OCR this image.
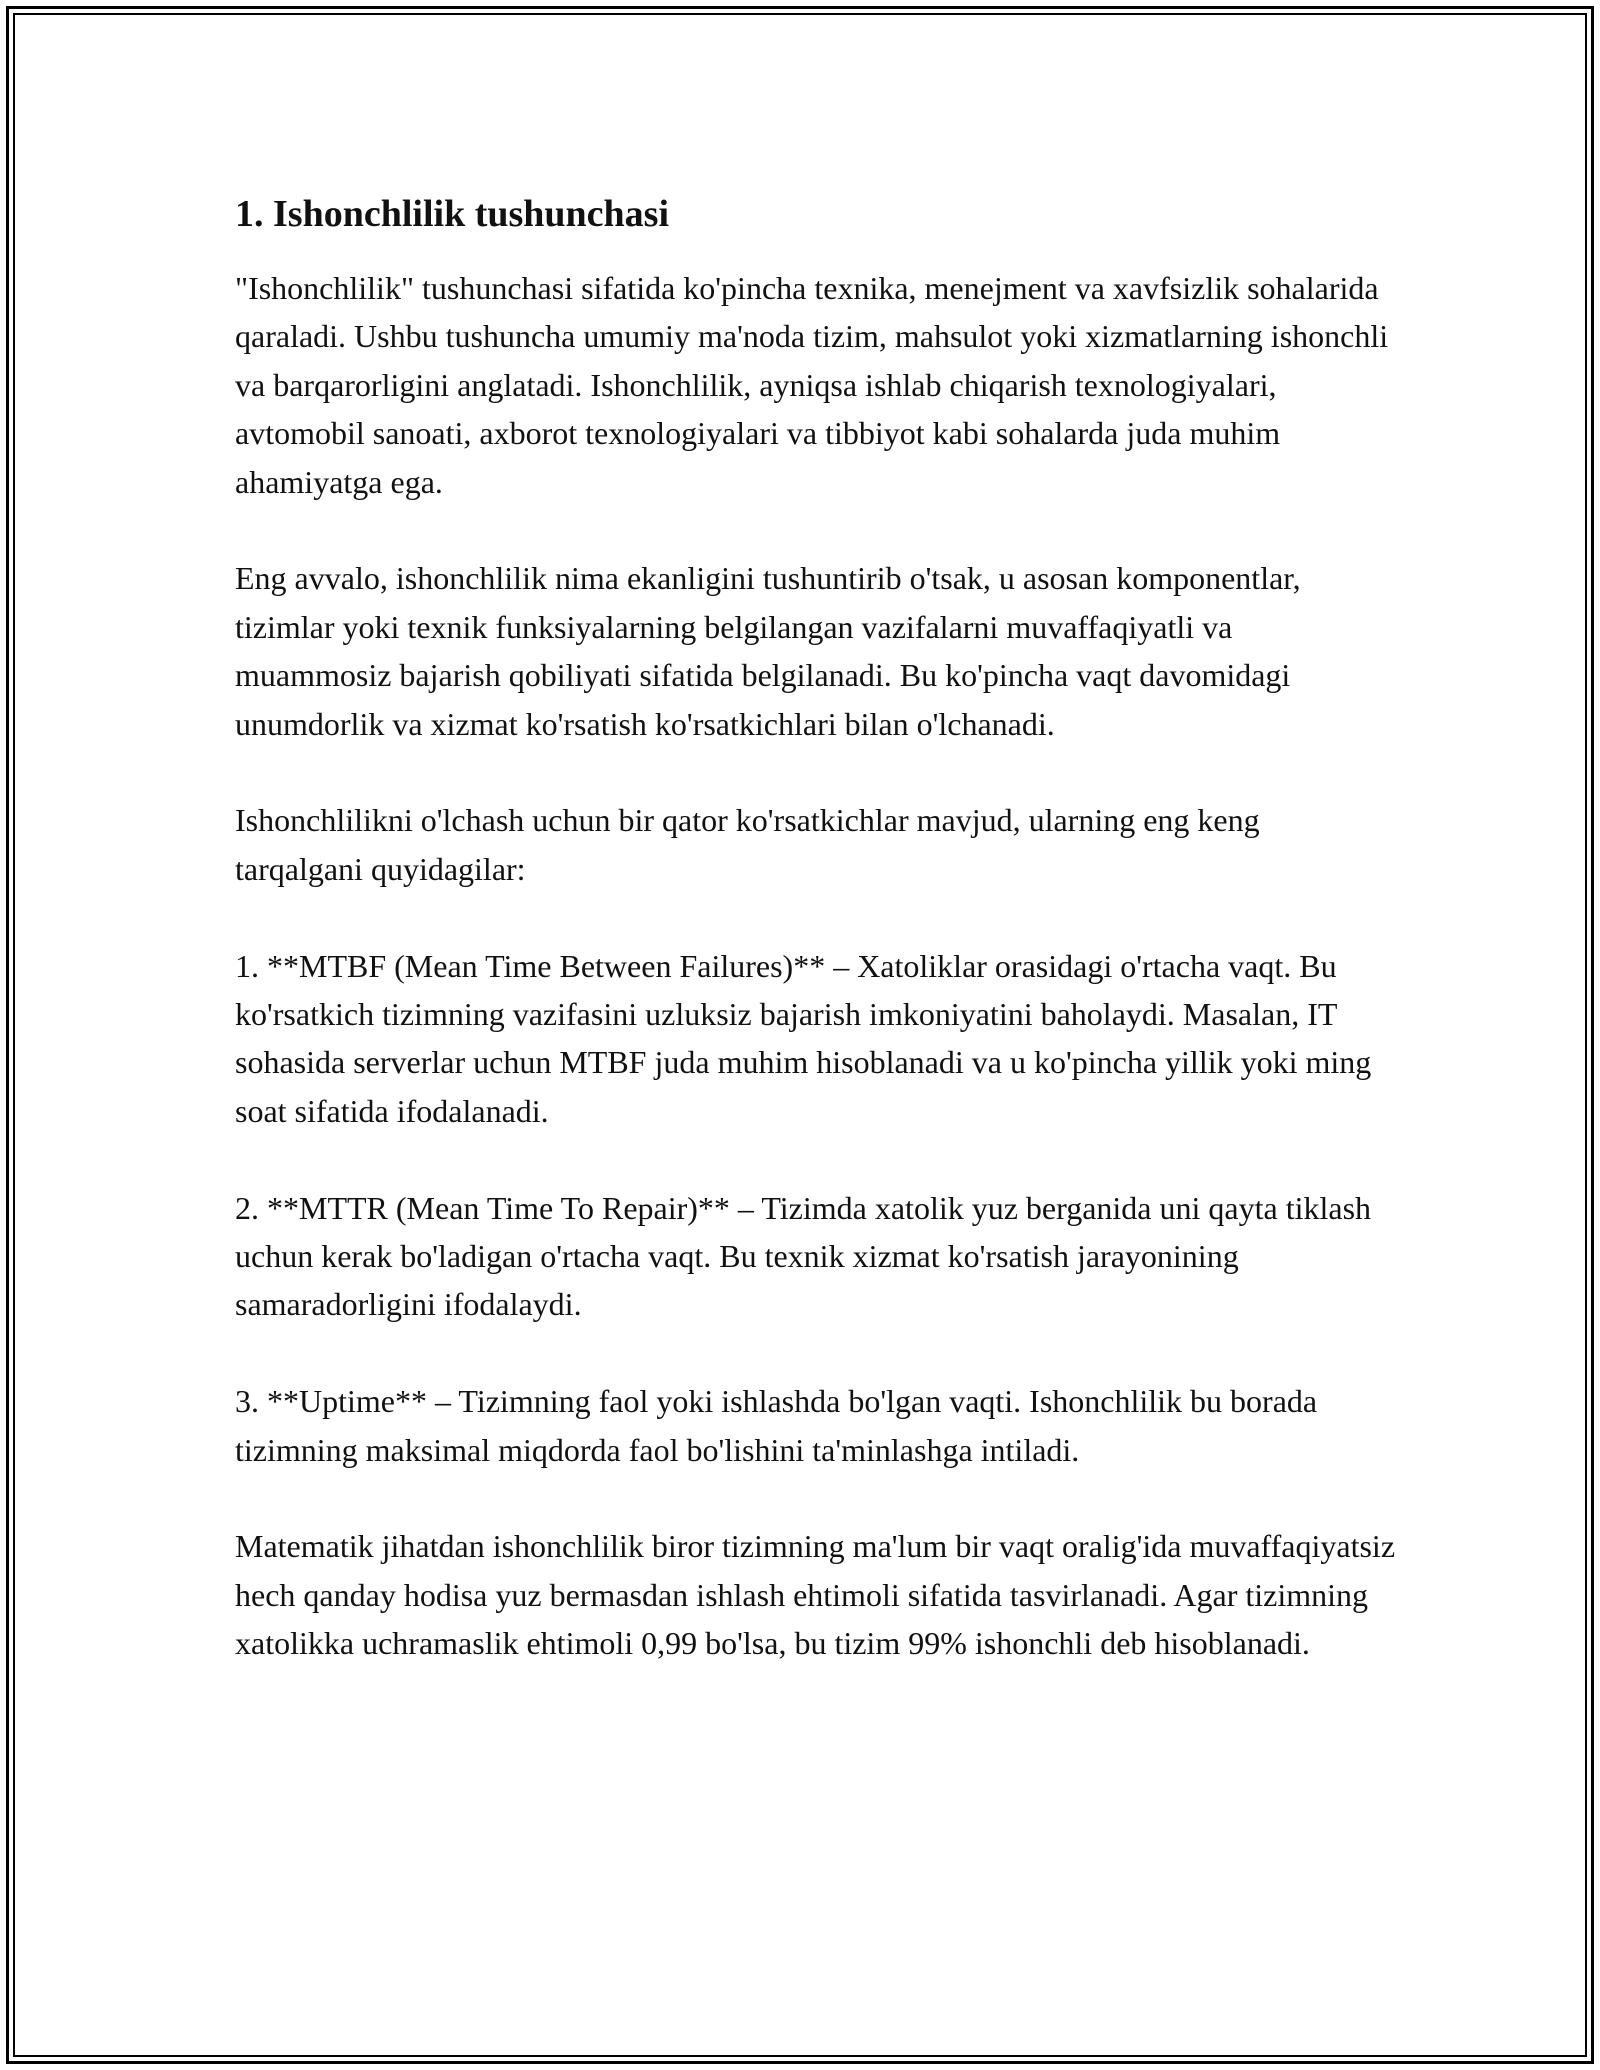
1. Ishonchlilik tushunchasi

"Ishonchlilik" tushunchasi sifatida ko'pincha texnika, menejment va xavfsizlik sohalarida qaraladi. Ushbu tushuncha umumiy ma'noda tizim, mahsulot yoki xizmatlarning ishonchli va barqarorligini anglatadi. Ishonchlilik, ayniqsa ishlab chiqarish texnologiyalari, avtomobil sanoati, axborot texnologiyalari va tibbiyot kabi sohalarda juda muhim ahamiyatga ega.

Eng avvalo, ishonchlilik nima ekanligini tushuntirib o'tsak, u asosan komponentlar, tizimlar yoki texnik funksiyalarning belgilangan vazifalarni muvaffaqiyatli va muammosiz bajarish qobiliyati sifatida belgilanadi. Bu ko'pincha vaqt davomidagi unumdorlik va xizmat ko'rsatish ko'rsatkichlari bilan o'lchanadi.

Ishonchlilikni o'lchash uchun bir qator ko'rsatkichlar mavjud, ularning eng keng tarqalgani quyidagilar:

1. **MTBF (Mean Time Between Failures)** – Xatoliklar orasidagi o'rtacha vaqt. Bu ko'rsatkich tizimning vazifasini uzluksiz bajarish imkoniyatini baholaydi. Masalan, IT sohasida serverlar uchun MTBF juda muhim hisoblanadi va u ko'pincha yillik yoki ming soat sifatida ifodalanadi.

2. **MTTR (Mean Time To Repair)** – Tizimda xatolik yuz berganida uni qayta tiklash uchun kerak bo'ladigan o'rtacha vaqt. Bu texnik xizmat ko'rsatish jarayonining samaradorligini ifodalaydi.

3. **Uptime** – Tizimning faol yoki ishlashda bo'lgan vaqti. Ishonchlilik bu borada tizimning maksimal miqdorda faol bo'lishini ta'minlashga intiladi.

Matematik jihatdan ishonchlilik biror tizimning ma'lum bir vaqt oralig'ida muvaffaqiyatsiz hech qanday hodisa yuz bermasdan ishlash ehtimoli sifatida tasvirlanadi. Agar tizimning xatolikka uchramaslik ehtimoli 0,99 bo'lsa, bu tizim 99% ishonchli deb hisoblanadi.
